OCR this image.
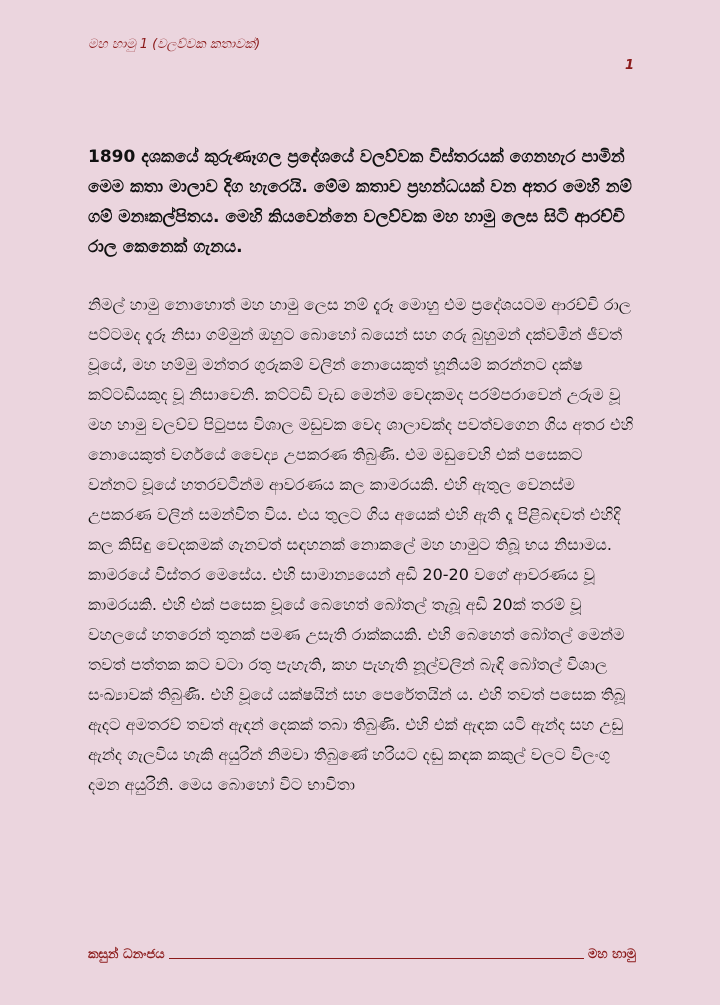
මහ හාමු 1 (වලව්වක කතාවක්)
1

1890 දශකයේ කුරුණෑගල ප්‍රදේශයේ වලව්වක විස්තරයක් ගෙනහැර පාමින් මෙම කතා මාලාව දිග හැරෙයි. මේම කතාව ප්‍රහන්ධයක් වන අතර මෙහි නම් ගම් මනඃකල්පිතය. මෙහි කියවෙන්නෙ වලව්වක මහ හාමු ලෙස සිටි ආරච්චි රාල කෙනෙක් ගැනය.

නිමල් හාමු නොහොත් මහ හාමු ලෙස නම් දැරූ මොහු එම ප්‍රදේශයටම ආරච්චි රාල පට්ටමද දැරූ නිසා ගම්මුන් ඔහුට බොහෝ බයෙන් සහ ගරු බුහුමන් දක්වමින් ජීවත් වූයේ, මහ හම්මු මන්තර ගුරුකම් වලින් නොයෙකුත් හූනියම් කරන්නට දක්ෂ කට්ටඩියකුද වූ නිසාවෙනි. කට්ටඩි වැඩ මෙන්ම වෙදකමද පරම්පරාවෙන් උරුම වූ මහ හාමු වලව්ව පිටුපස විශාල මඩුවක වෙද ශාලාවක්ද පවත්වගෙන ගිය අතර එහි නොයෙකුත් වර්ගයේ වෛද්‍ය උපකරණ තිබුණි. එම මඩුවෙහි එක් පසෙකට වන්නට වූයේ හතරවටින්ම ආවරණය කල කාමරයකි. එහි ඇතුල වෙනස්ම උපකරණ වලින් සමන්විත විය. එය තුලට ගිය අයෙක් එහි ඇති දෑ පිළිබඳවත් එහිදි කල කිසිඳු වෙදකමක් ගැනවත් සඳහනක් නොකලේ මහ හාමුට තිබූ භය නිසාමය. කාමරයේ විස්තර මෙසේය. එහි සාමාන්‍යයෙන් අඩි 20-20 වගේ ආවරණය වූ කාමරයකි. එහි එක් පසෙක වූයේ බෙහෙත් බෝතල් තැබූ අඩි 20ක් තරම් වූ වහලයේ හතරෙන් තුනක් පමණ උසැති රාක්කයකි. එහි බෙහෙත් බෝතල් මෙන්ම තවත් පත්තක කට වටා රතු පැහැති, කහ පැහැති නූල්වලින් බැඳි බෝතල් විශාල සංඛ්‍යාවක් තිබුණි. එහි වූයේ යක්ෂයින් සහ පෙරේතයින් ය. එහි තවත් පසෙක තිබූ ඇදට අමතරව් තවත් ඇඳන් දෙකක් තබා තිබුණි. එහි එක් ඇඳක යටි ඇන්ද සහ උඩු ඇන්ද ගැලවිය හැකි අයුරින් නිමවා තිබුණේ හරියට දඬු කඳක කකුල් වලට විලංගු දමන අයුරිනි. මෙය බොහෝ විට භාවිතා

කසුන් ධනංජය	මහ හාමු
